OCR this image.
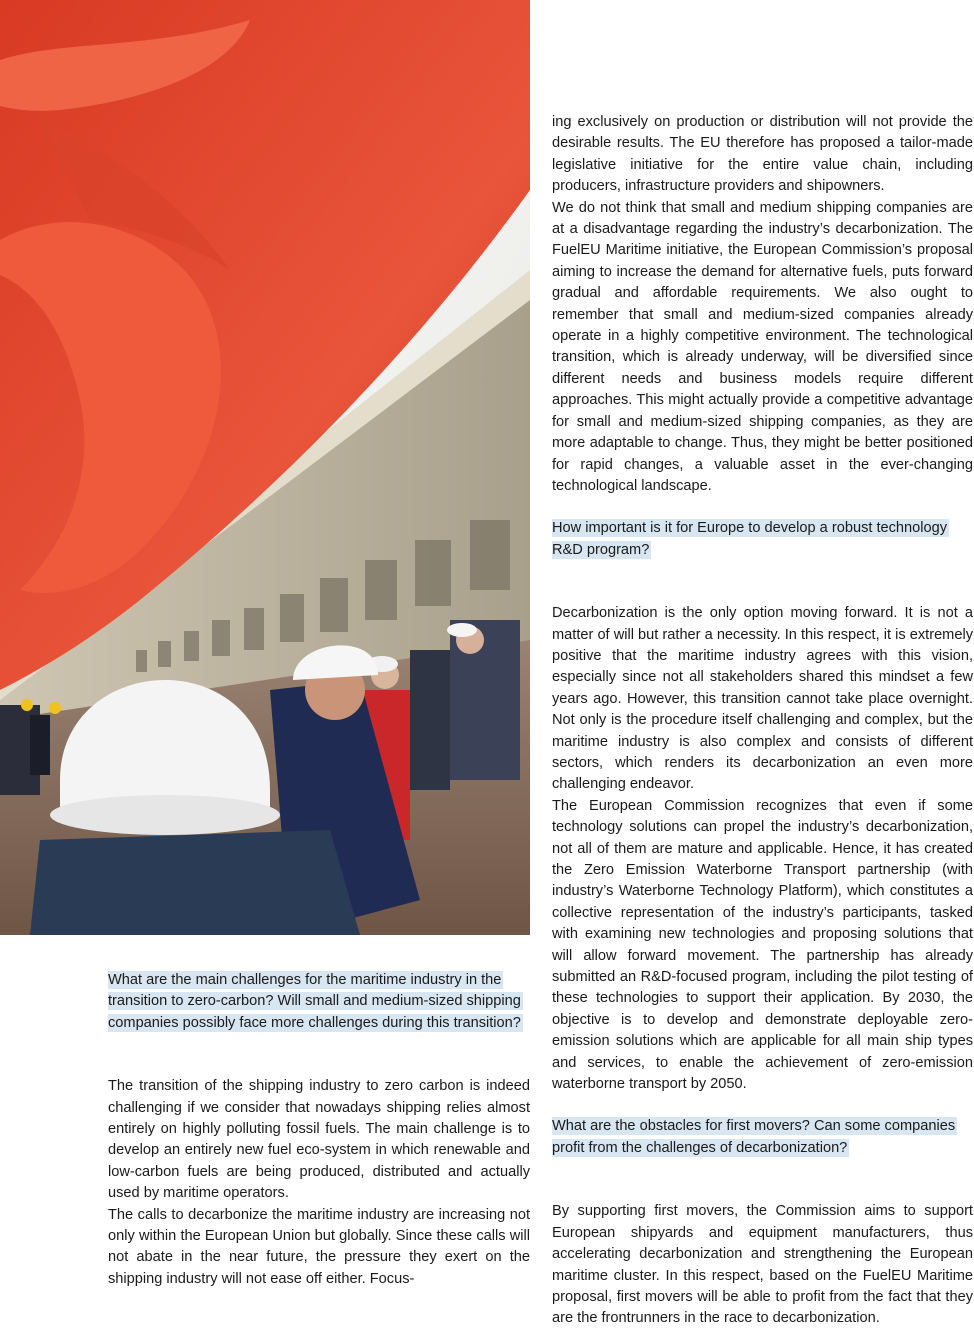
What are the main challenges for the maritime industry in the transition to zero-carbon? Will small and medium-sized shipping companies possibly face more challenges during this transition?

The transition of the shipping industry to zero carbon is indeed challenging if we consider that nowadays shipping relies almost entirely on highly polluting fossil fuels. The main challenge is to develop an entirely new fuel eco-system in which renewable and low-carbon fuels are being produced, distributed and actually used by maritime operators.

The calls to decarbonize the maritime industry are increasing not only within the European Union but globally. Since these calls will not abate in the near future, the pressure they exert on the shipping industry will not ease off either. Focus-

ing exclusively on production or distribution will not provide the desirable results. The EU therefore has proposed a tailor-made legislative initiative for the entire value chain, including producers, infrastructure providers and shipowners.

We do not think that small and medium shipping companies are at a disadvantage regarding the industry’s decarbonization. The FuelEU Maritime initiative, the European Commission’s proposal aiming to increase the demand for alternative fuels, puts forward gradual and affordable requirements. We also ought to remember that small and medium-sized companies already operate in a highly competitive environment. The technological transition, which is already underway, will be diversified since different needs and business models require different approaches. This might actually provide a competitive advantage for small and medium-sized shipping companies, as they are more adaptable to change. Thus, they might be better positioned for rapid changes, a valuable asset in the ever-changing technological landscape.

How important is it for Europe to develop a robust technology R&D program?

Decarbonization is the only option moving forward. It is not a matter of will but rather a necessity. In this respect, it is extremely positive that the maritime industry agrees with this vision, especially since not all stakeholders shared this mindset a few years ago. However, this transition cannot take place overnight. Not only is the procedure itself challenging and complex, but the maritime industry is also complex and consists of different sectors, which renders its decarbonization an even more challenging endeavor.

The European Commission recognizes that even if some technology solutions can propel the industry’s decarbonization, not all of them are mature and applicable. Hence, it has created the Zero Emission Waterborne Transport partnership (with industry’s Waterborne Technology Platform), which constitutes a collective representation of the industry’s participants, tasked with examining new technologies and proposing solutions that will allow forward movement. The partnership has already submitted an R&D-focused program, including the pilot testing of these technologies to support their application. By 2030, the objective is to develop and demonstrate deployable zero-emission solutions which are applicable for all main ship types and services, to enable the achievement of zero-emission waterborne transport by 2050.

What are the obstacles for first movers? Can some companies profit from the challenges of decarbonization?

By supporting first movers, the Commission aims to support European shipyards and equipment manufacturers, thus accelerating decarbonization and strengthening the European maritime cluster. In this respect, based on the FuelEU Maritime proposal, first movers will be able to profit from the fact that they are the frontrunners in the race to decarbonization.
